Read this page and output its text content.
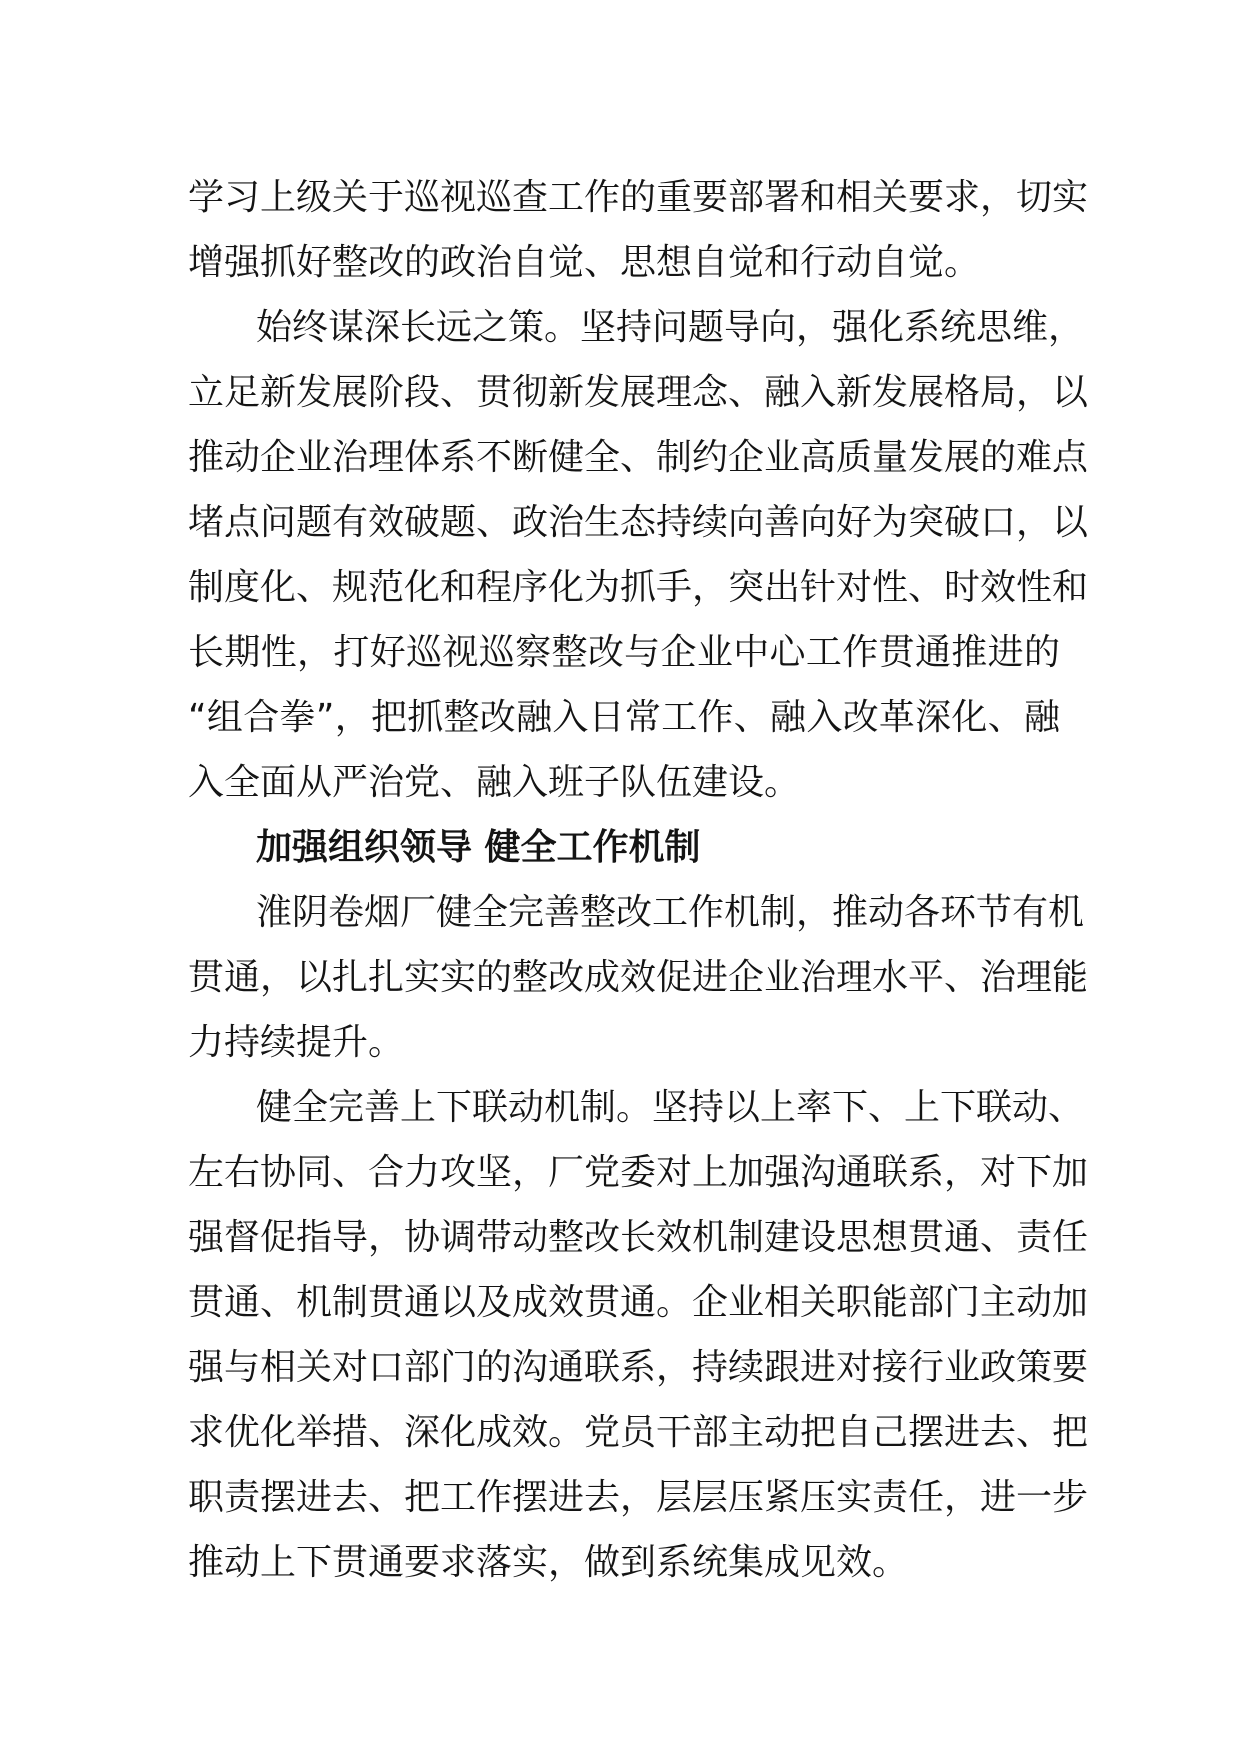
学习上级关于巡视巡查工作的重要部署和相关要求，切实
增强抓好整改的政治自觉、思想自觉和行动自觉。
始终谋深长远之策。坚持问题导向，强化系统思维，
立足新发展阶段、贯彻新发展理念、融入新发展格局，以
推动企业治理体系不断健全、制约企业高质量发展的难点
堵点问题有效破题、政治生态持续向善向好为突破口，以
制度化、规范化和程序化为抓手，突出针对性、时效性和
长期性，打好巡视巡察整改与企业中心工作贯通推进的
“组合拳”，把抓整改融入日常工作、融入改革深化、融
入全面从严治党、融入班子队伍建设。
加强组织领导 健全工作机制
淮阴卷烟厂健全完善整改工作机制，推动各环节有机
贯通，以扎扎实实的整改成效促进企业治理水平、治理能
力持续提升。
健全完善上下联动机制。坚持以上率下、上下联动、
左右协同、合力攻坚，厂党委对上加强沟通联系，对下加
强督促指导，协调带动整改长效机制建设思想贯通、责任
贯通、机制贯通以及成效贯通。企业相关职能部门主动加
强与相关对口部门的沟通联系，持续跟进对接行业政策要
求优化举措、深化成效。党员干部主动把自己摆进去、把
职责摆进去、把工作摆进去，层层压紧压实责任，进一步
推动上下贯通要求落实，做到系统集成见效。
